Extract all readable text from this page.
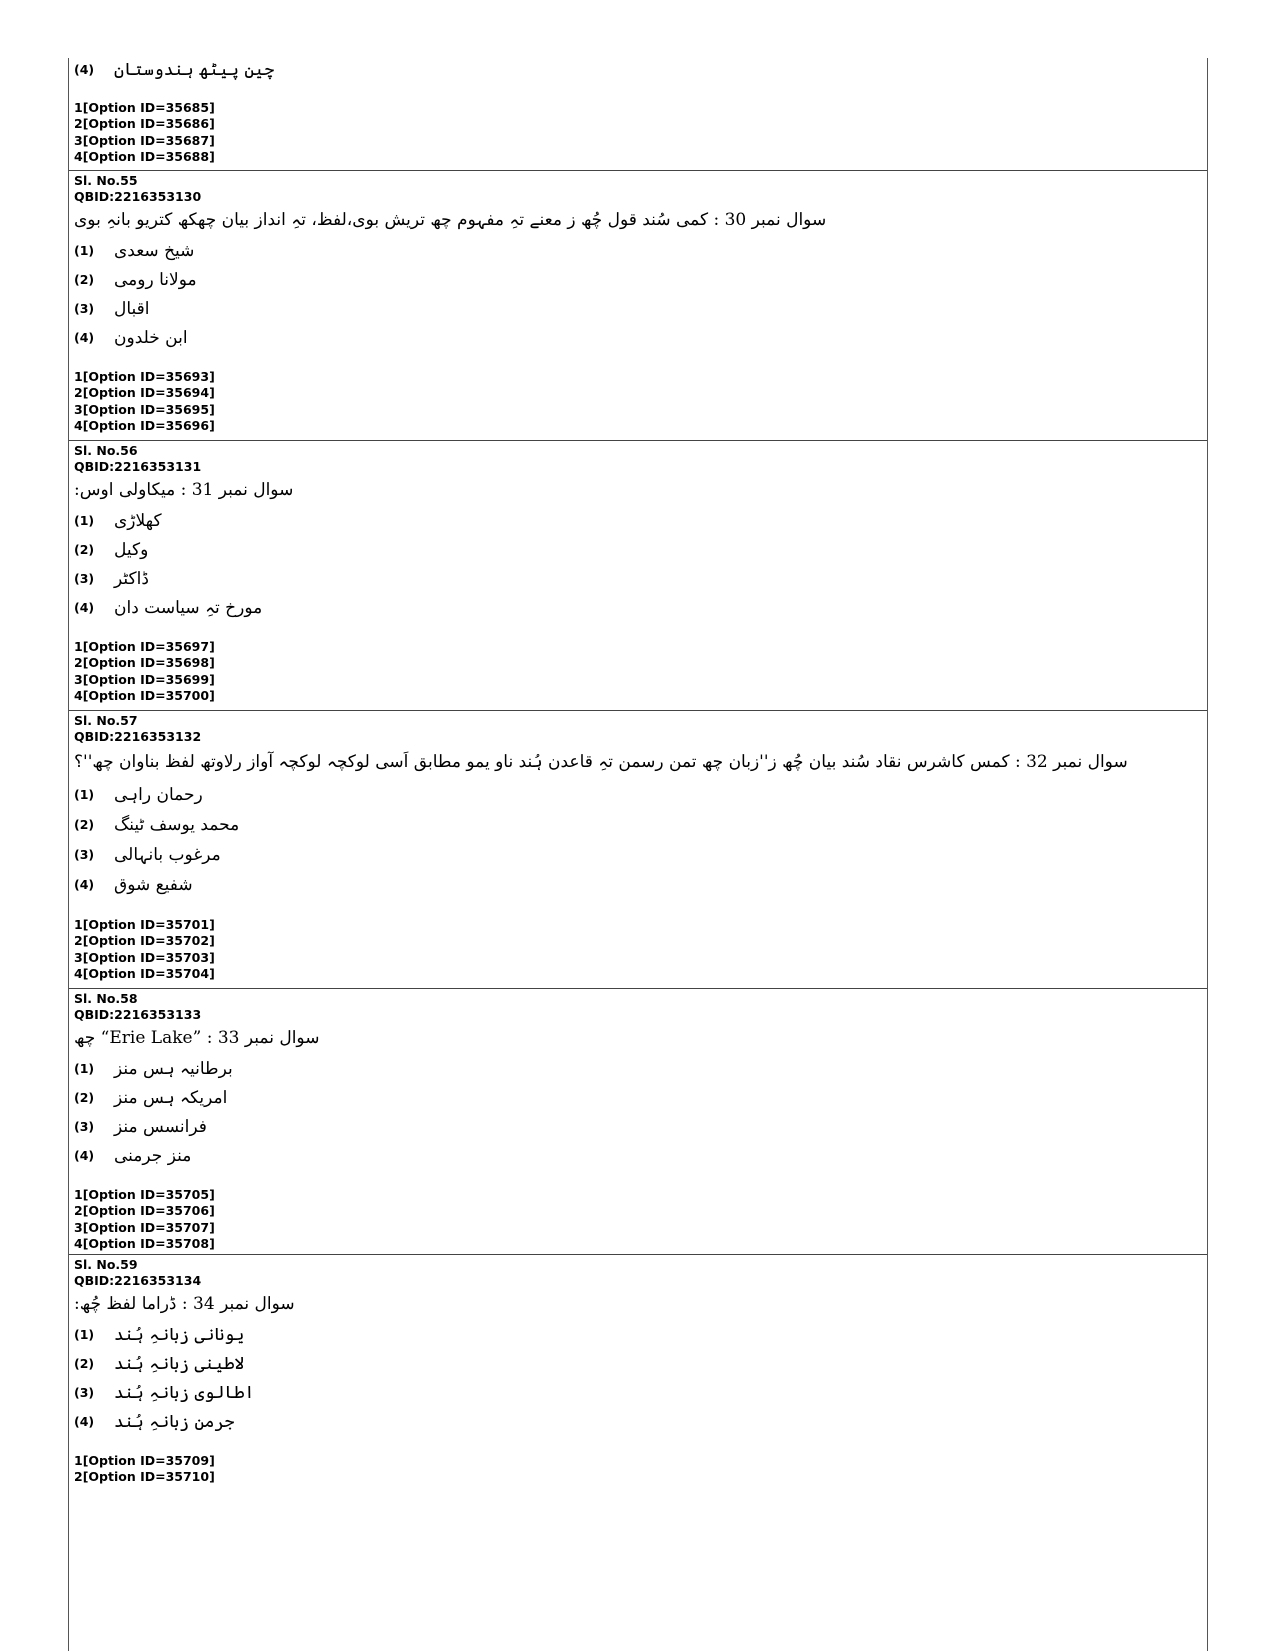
(4)	چین پیٹھ ہندوستان
1[Option ID=35685]
2[Option ID=35686]
3[Option ID=35687]
4[Option ID=35688]
Sl. No.55
QBID:2216353130
سوال نمبر 30 : کمی سُند قول چُھ ز معنے تہِ مفہوم چھ تریش بوی،لفظ، تہِ انداز بیان چھکھ کتریو بانہِ بوی
(1)	شیخ سعدی
(2)	مولانا رومی
(3)	اقبال
(4)	ابن خلدون
1[Option ID=35693]
2[Option ID=35694]
3[Option ID=35695]
4[Option ID=35696]
Sl. No.56
QBID:2216353131
سوال نمبر 31 : میکاولی اوس:
(1)	کھلاڑی
(2)	وکیل
(3)	ڈاکٹر
(4)	مورخ تہِ سیاست دان
1[Option ID=35697]
2[Option ID=35698]
3[Option ID=35699]
4[Option ID=35700]
Sl. No.57
QBID:2216353132
سوال نمبر 32 : کمس کاشرس نقاد سُند بیان چُھ ز''زبان چھ تمن رسمن تہِ قاعدن ہُند ناو یمو مطابق اَسی لوکچہ لوکچہ آواز رلاوتھ لفظ بناوان چھ''؟
(1)	رحمان راہی
(2)	محمد یوسف ٹینگ
(3)	مرغوب بانہالی
(4)	شفیع شوق
1[Option ID=35701]
2[Option ID=35702]
3[Option ID=35703]
4[Option ID=35704]
Sl. No.58
QBID:2216353133
سوال نمبر 33 : ”Erie Lake“ چھ
(1)	برطانیہ ہس منز
(2)	امریکہ ہس منز
(3)	فرانسس منز
(4)	منز جرمنی
1[Option ID=35705]
2[Option ID=35706]
3[Option ID=35707]
4[Option ID=35708]
Sl. No.59
QBID:2216353134
سوال نمبر 34 : ڈراما لفظ چُھ:
(1)	یونانی زبانہِ ہُند
(2)	لاطینی زبانہِ ہُند
(3)	اطالوی زبانہِ ہُند
(4)	جرمن زبانہِ ہُند
1[Option ID=35709]
2[Option ID=35710]
